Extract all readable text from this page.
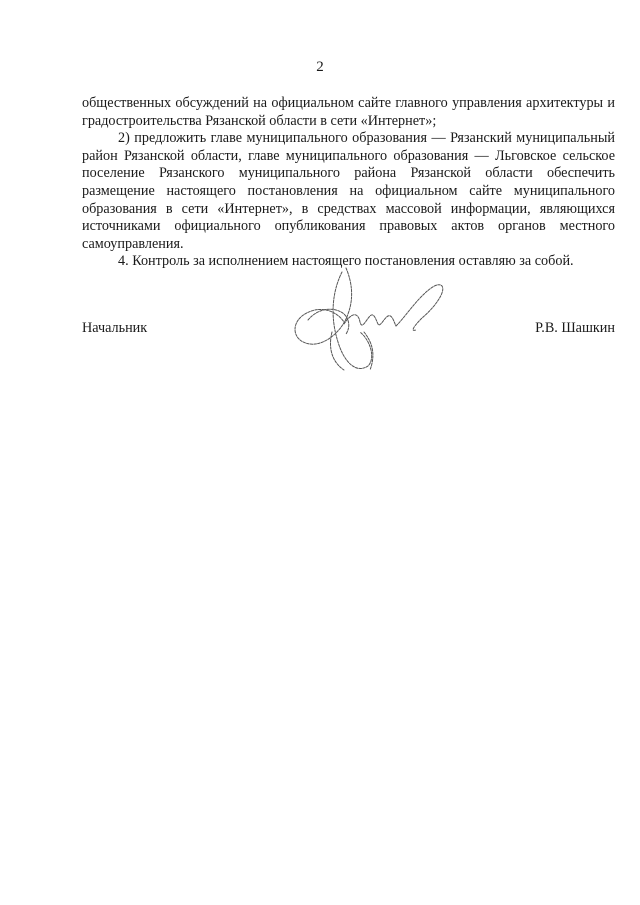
2

общественных обсуждений на официальном сайте главного управления архитектуры и градостроительства Рязанской области в сети «Интернет»;

2) предложить главе муниципального образования — Рязанский муниципальный район Рязанской области, главе муниципального образования — Льговское сельское поселение Рязанского муниципального района Рязанской области обеспечить размещение настоящего постановления на официальном сайте муниципального образования в сети «Интернет», в средствах массовой информации, являющихся источниками официального опубликования правовых актов органов местного самоуправления.

4. Контроль за исполнением настоящего постановления оставляю за собой.

Начальник	Р.В. Шашкин
